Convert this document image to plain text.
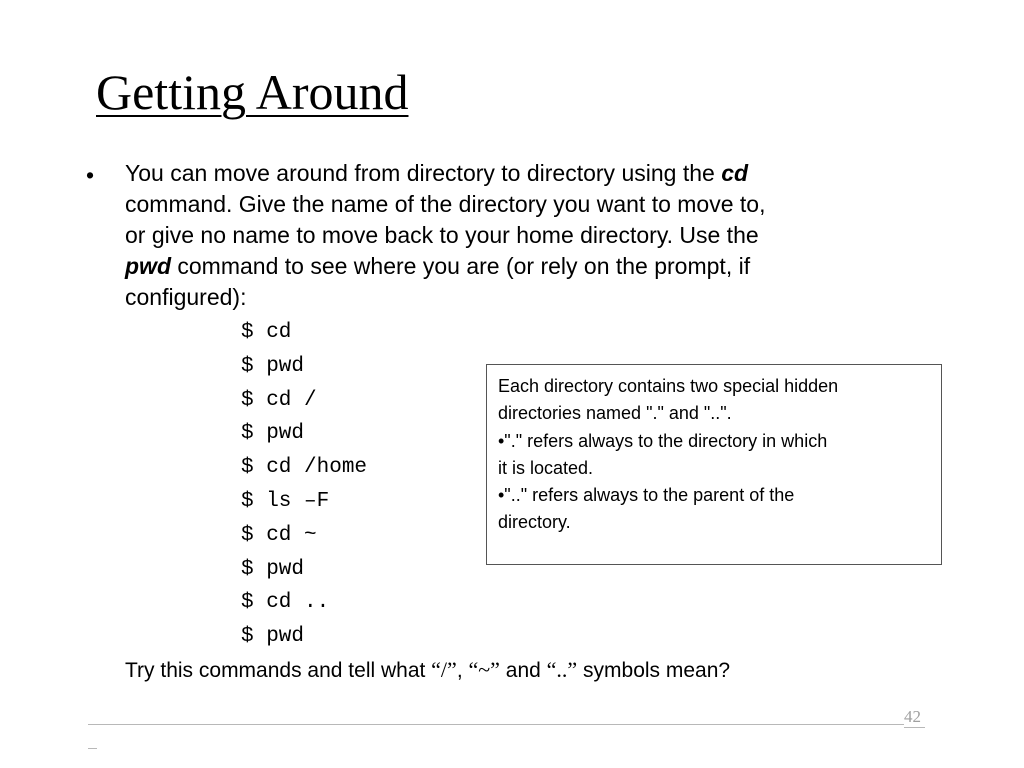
Getting Around
• You can move around from directory to directory using the cd
command. Give the name of the directory you want to move to,
or give no name to move back to your home directory. Use the
pwd command to see where you are (or rely on the prompt, if
configured):
$ cd
$ pwd
$ cd /
$ pwd
$ cd /home
$ ls –F
$ cd ~
$ pwd
$ cd ..
$ pwd
Each directory contains two special hidden
directories named "." and "..".
•"." refers always to the directory in which
it is located.
•".." refers always to the parent of the
directory.
Try this commands and tell what “/”, “~” and “..” symbols mean?
42
